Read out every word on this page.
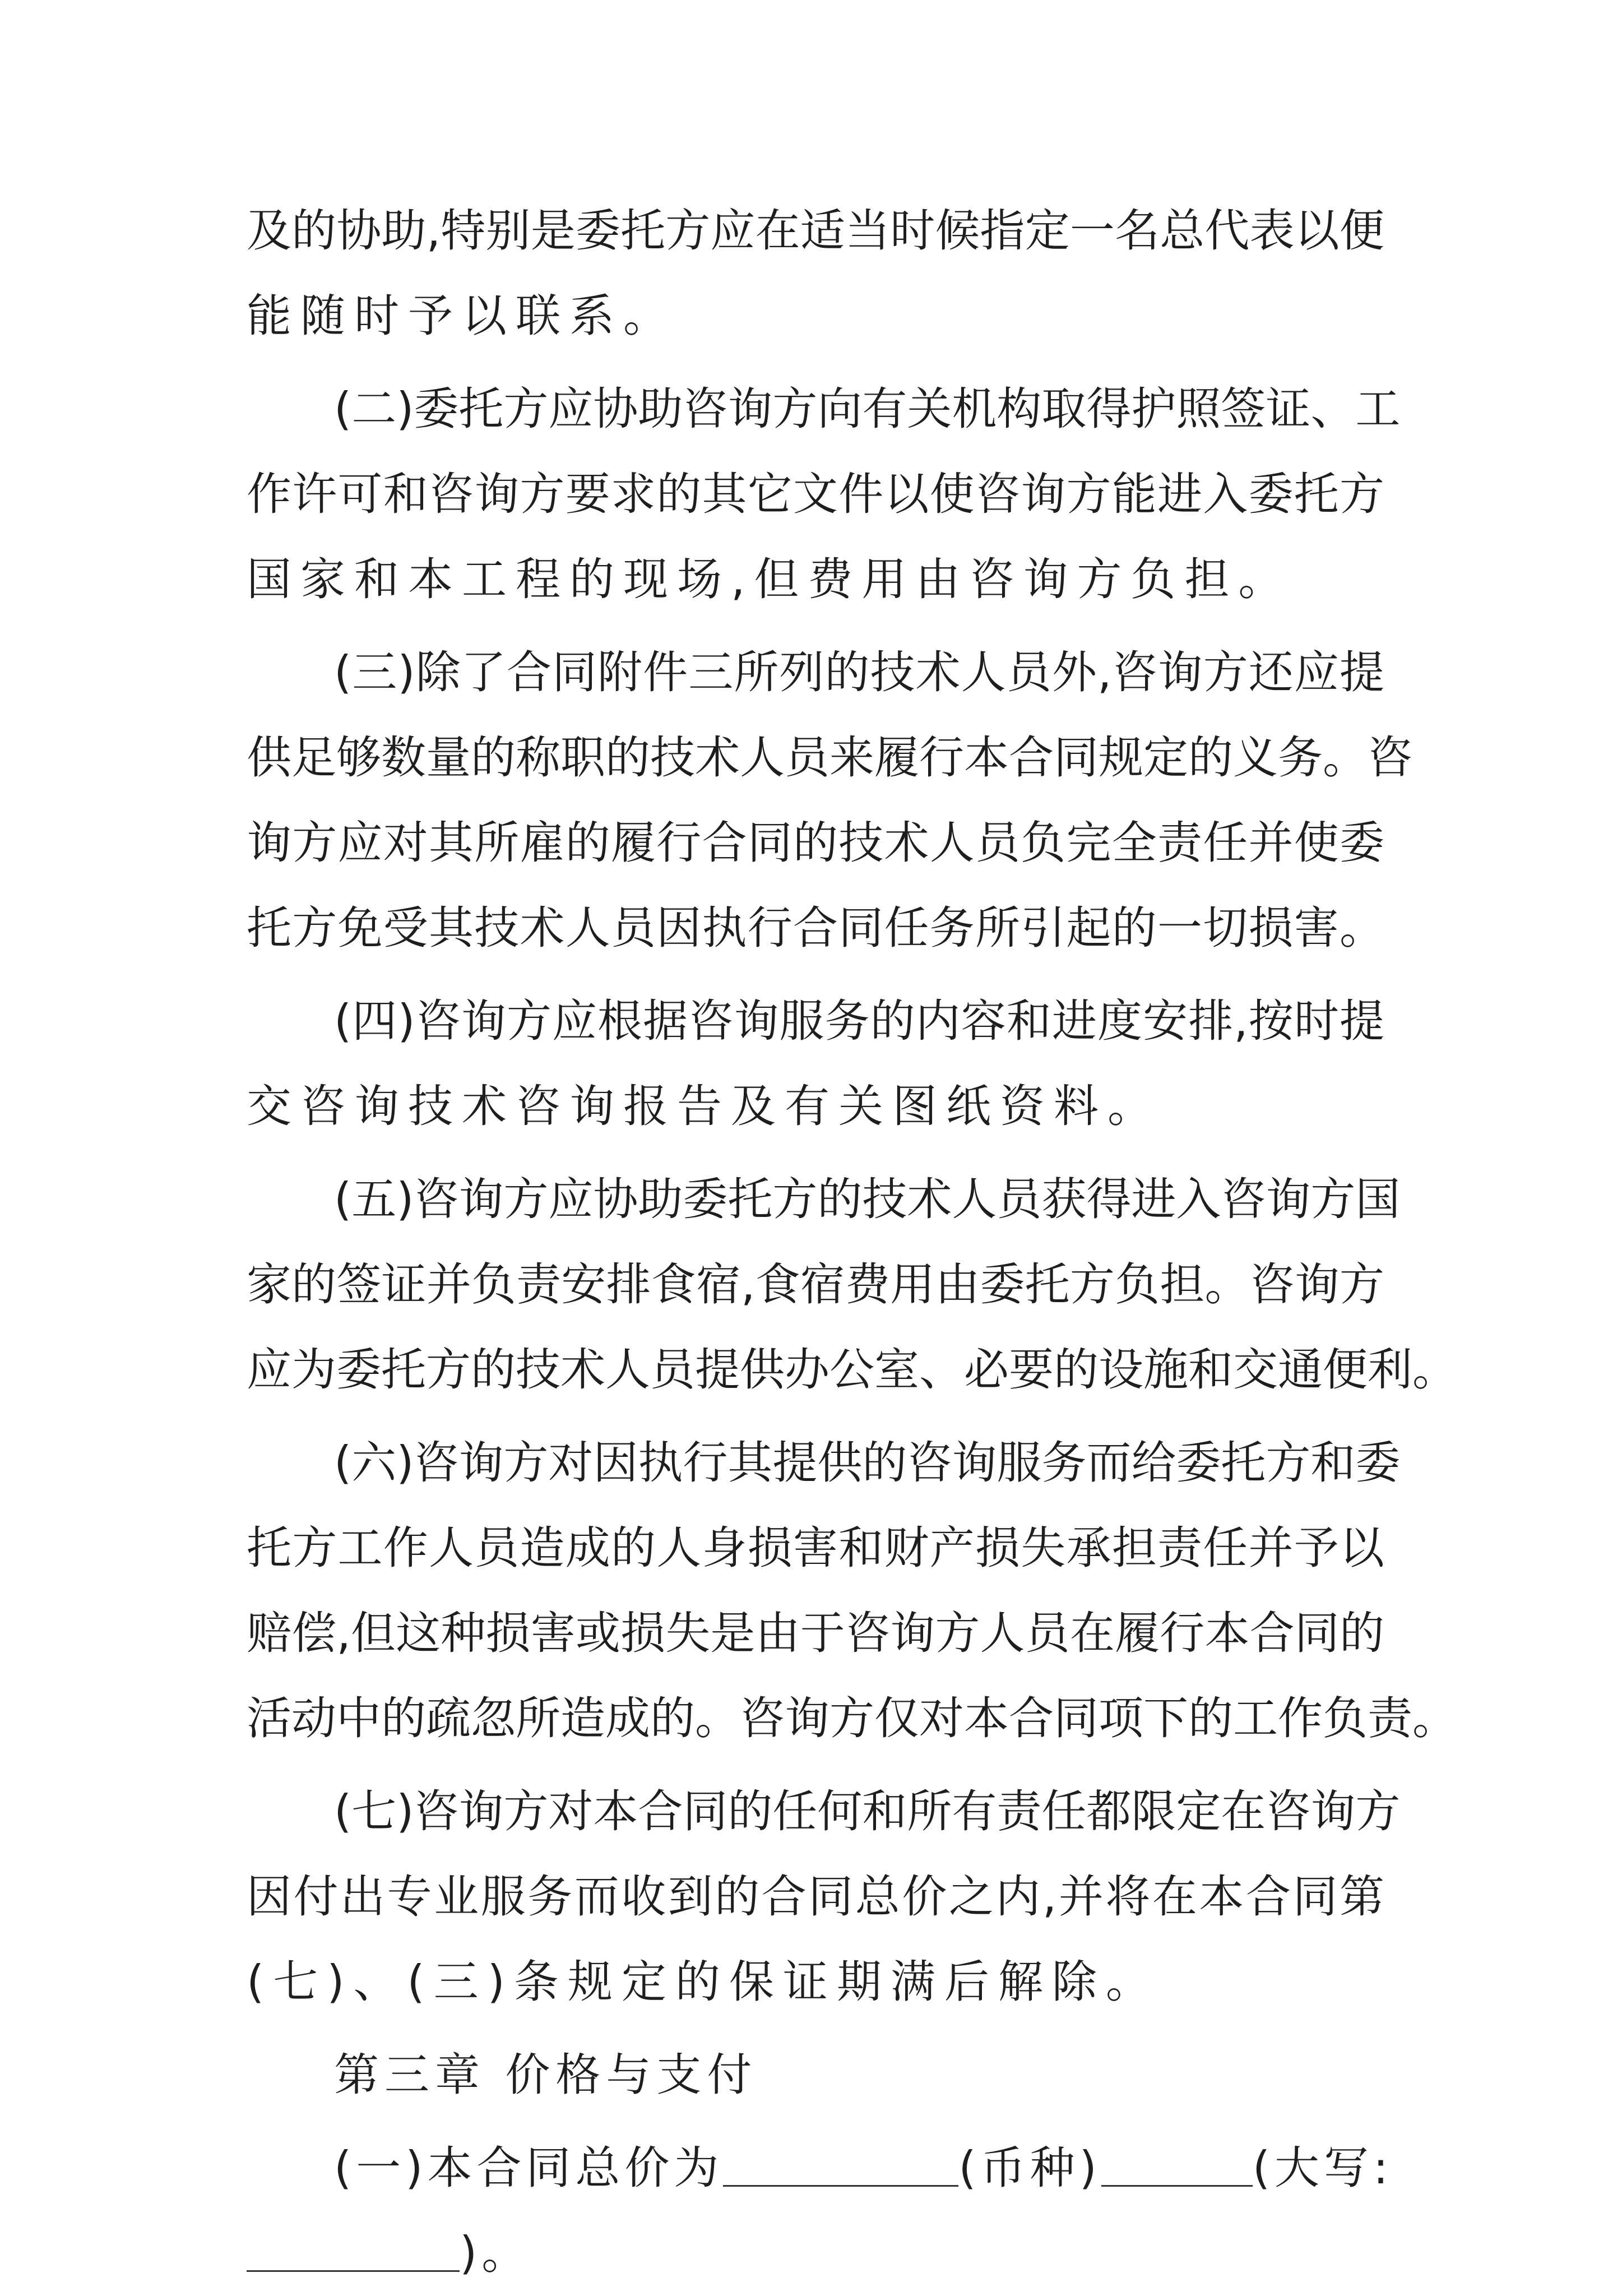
及的协助,特别是委托方应在适当时候指定一名总代表以便
能随时予以联系。
(二)委托方应协助咨询方向有关机构取得护照签证、工
作许可和咨询方要求的其它文件以使咨询方能进入委托方
国家和本工程的现场,但费用由咨询方负担。
(三)除了合同附件三所列的技术人员外,咨询方还应提
供足够数量的称职的技术人员来履行本合同规定的义务。咨
询方应对其所雇的履行合同的技术人员负完全责任并使委
托方免受其技术人员因执行合同任务所引起的一切损害。
(四)咨询方应根据咨询服务的内容和进度安排,按时提
交咨询技术咨询报告及有关图纸资料。
(五)咨询方应协助委托方的技术人员获得进入咨询方国
家的签证并负责安排食宿,食宿费用由委托方负担。咨询方
应为委托方的技术人员提供办公室、必要的设施和交通便利。
(六)咨询方对因执行其提供的咨询服务而给委托方和委
托方工作人员造成的人身损害和财产损失承担责任并予以
赔偿,但这种损害或损失是由于咨询方人员在履行本合同的
活动中的疏忽所造成的。咨询方仅对本合同项下的工作负责。
(七)咨询方对本合同的任何和所有责任都限定在咨询方
因付出专业服务而收到的合同总价之内,并将在本合同第
(七)、(三)条规定的保证期满后解除。
第三章 价格与支付
(一)本合同总价为	(币种)	(大写:
)。
